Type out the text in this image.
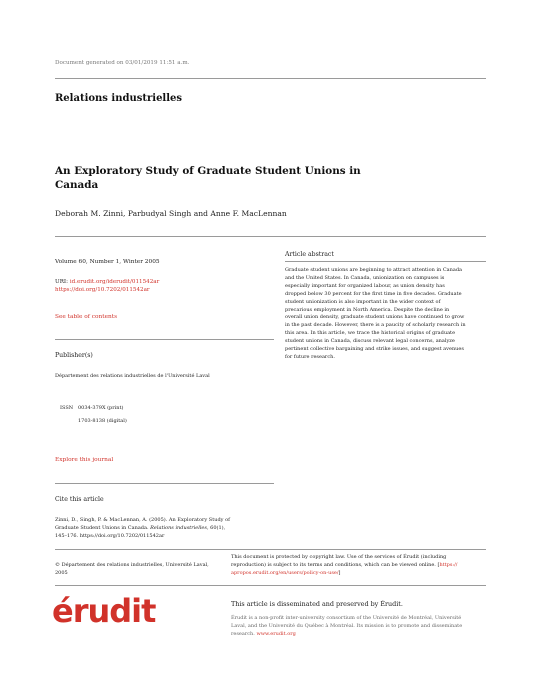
Document generated on 03/01/2019 11:51 a.m.
Relations industrielles
An Exploratory Study of Graduate Student Unions in
Canada
Deborah M. Zinni, Parbudyal Singh and Anne F. MacLennan
Volume 60, Number 1, Winter 2005
URI: id.erudit.org/iderudit/011542ar
https://doi.org/10.7202/011542ar
See table of contents
Publisher(s)
Département des relations industrielles de l'Université Laval
ISSN 0034-379X (print)
1703-8138 (digital)
Explore this journal
Cite this article
Zinni, D., Singh, P. & MacLennan, A. (2005). An Exploratory Study of
Graduate Student Unions in Canada. Relations industrielles, 60(1),
145–176. https://doi.org/10.7202/011542ar
Article abstract
Graduate student unions are beginning to attract attention in Canada
and the United States. In Canada, unionization on campuses is
especially important for organized labour, as union density has
dropped below 30 percent for the first time in five decades. Graduate
student unionization is also important in the wider context of
precarious employment in North America. Despite the decline in
overall union density, graduate student unions have continued to grow
in the past decade. However, there is a paucity of scholarly research in
this area. In this article, we trace the historical origins of graduate
student unions in Canada, discuss relevant legal concerns, analyze
pertinent collective bargaining and strike issues, and suggest avenues
for future research.
© Département des relations industrielles, Université Laval,
2005
This document is protected by copyright law. Use of the services of Érudit (including
reproduction) is subject to its terms and conditions, which can be viewed online. [https://
apropos.erudit.org/en/users/policy-on-use/]
érudit	This article is disseminated and preserved by Érudit.
Érudit is a non-profit inter-university consortium of the Université de Montréal, Université
Laval, and the Université du Québec à Montréal. Its mission is to promote and disseminate
research. www.erudit.org
